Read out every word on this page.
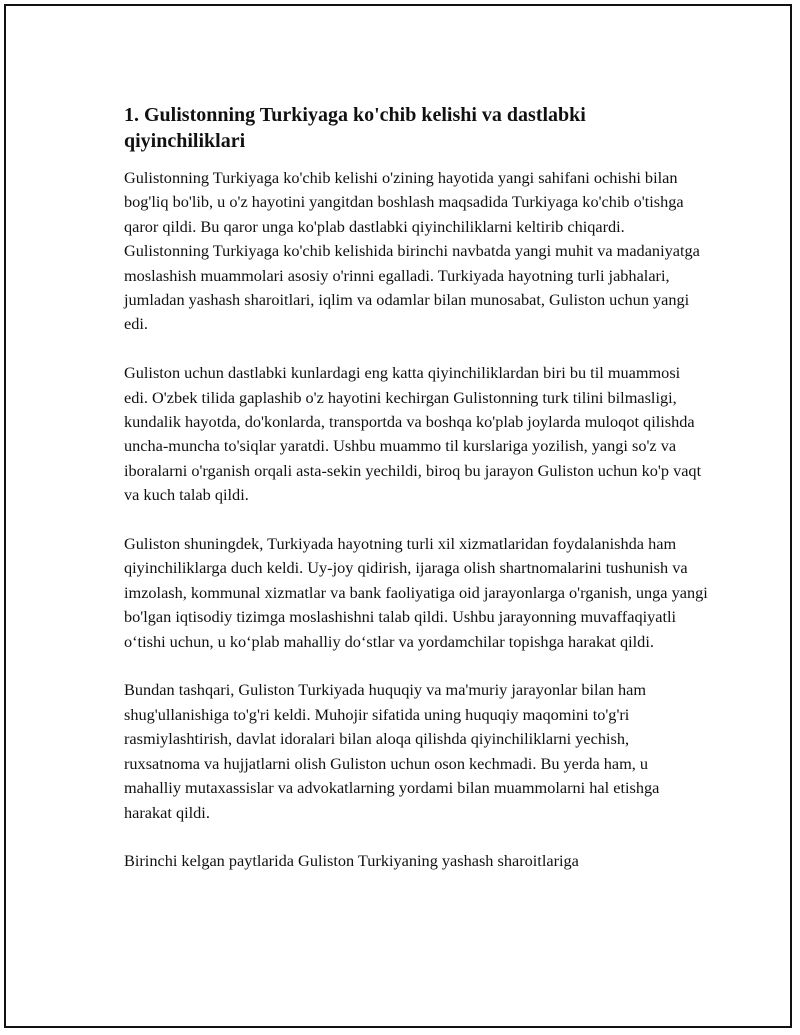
1. Gulistonning Turkiyaga ko'chib kelishi va dastlabki qiyinchiliklari

Gulistonning Turkiyaga ko'chib kelishi o'zining hayotida yangi sahifani ochishi bilan bog'liq bo'lib, u o'z hayotini yangitdan boshlash maqsadida Turkiyaga ko'chib o'tishga qaror qildi. Bu qaror unga ko'plab dastlabki qiyinchiliklarni keltirib chiqardi. Gulistonning Turkiyaga ko'chib kelishida birinchi navbatda yangi muhit va madaniyatga moslashish muammolari asosiy o'rinni egalladi. Turkiyada hayotning turli jabhalari, jumladan yashash sharoitlari, iqlim va odamlar bilan munosabat, Guliston uchun yangi edi.

Guliston uchun dastlabki kunlardagi eng katta qiyinchiliklardan biri bu til muammosi edi. O'zbek tilida gaplashib o'z hayotini kechirgan Gulistonning turk tilini bilmasligi, kundalik hayotda, do'konlarda, transportda va boshqa ko'plab joylarda muloqot qilishda uncha-muncha to'siqlar yaratdi. Ushbu muammo til kurslariga yozilish, yangi so'z va iboralarni o'rganish orqali asta-sekin yechildi, biroq bu jarayon Guliston uchun ko'p vaqt va kuch talab qildi.

Guliston shuningdek, Turkiyada hayotning turli xil xizmatlaridan foydalanishda ham qiyinchiliklarga duch keldi. Uy-joy qidirish, ijaraga olish shartnomalarini tushunish va imzolash, kommunal xizmatlar va bank faoliyatiga oid jarayonlarga o'rganish, unga yangi bo'lgan iqtisodiy tizimga moslashishni talab qildi. Ushbu jarayonning muvaffaqiyatli o‘tishi uchun, u ko‘plab mahalliy do‘stlar va yordamchilar topishga harakat qildi.

Bundan tashqari, Guliston Turkiyada huquqiy va ma'muriy jarayonlar bilan ham shug'ullanishiga to'g'ri keldi. Muhojir sifatida uning huquqiy maqomini to'g'ri rasmiylashtirish, davlat idoralari bilan aloqa qilishda qiyinchiliklarni yechish, ruxsatnoma va hujjatlarni olish Guliston uchun oson kechmadi. Bu yerda ham, u mahalliy mutaxassislar va advokatlarning yordami bilan muammolarni hal etishga harakat qildi.

Birinchi kelgan paytlarida Guliston Turkiyaning yashash sharoitlariga
